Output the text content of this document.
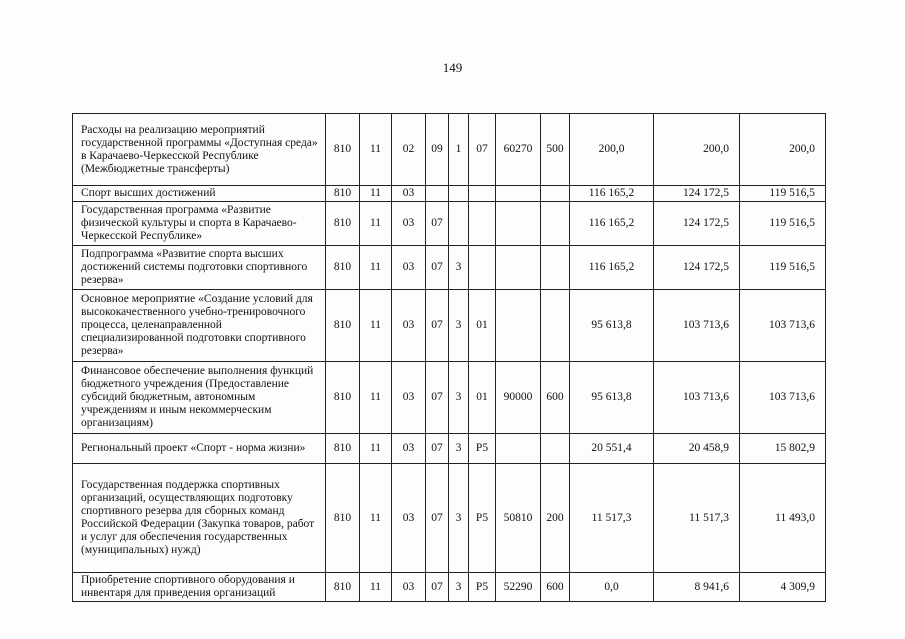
149
Расходы на реализацию мероприятий государственной программы «Доступная среда» в Карачаево-Черкесской Республике (Межбюджетные трансферты)	810	11	02	09	1	07	60270	500	200,0	200,0	200,0
Спорт высших достижений	810	11	03						116 165,2	124 172,5	119 516,5
Государственная программа «Развитие физической культуры и спорта в Карачаево-Черкесской Республике»	810	11	03	07					116 165,2	124 172,5	119 516,5
Подпрограмма «Развитие спорта высших достижений системы подготовки спортивного резерва»	810	11	03	07	3				116 165,2	124 172,5	119 516,5
Основное мероприятие «Создание условий для высококачественного учебно-тренировочного процесса, целенаправленной специализированной подготовки спортивного резерва»	810	11	03	07	3	01			95 613,8	103 713,6	103 713,6
Финансовое обеспечение выполнения функций бюджетного учреждения (Предоставление субсидий бюджетным, автономным учреждениям и иным некоммерческим организациям)	810	11	03	07	3	01	90000	600	95 613,8	103 713,6	103 713,6
Региональный проект «Спорт - норма жизни»	810	11	03	07	3	P5			20 551,4	20 458,9	15 802,9
Государственная поддержка спортивных организаций, осуществляющих подготовку спортивного резерва для сборных команд Российской Федерации (Закупка товаров, работ и услуг для обеспечения государственных (муниципальных) нужд)	810	11	03	07	3	P5	50810	200	11 517,3	11 517,3	11 493,0
Приобретение спортивного оборудования и инвентаря для приведения организаций	810	11	03	07	3	P5	52290	600	0,0	8 941,6	4 309,9
